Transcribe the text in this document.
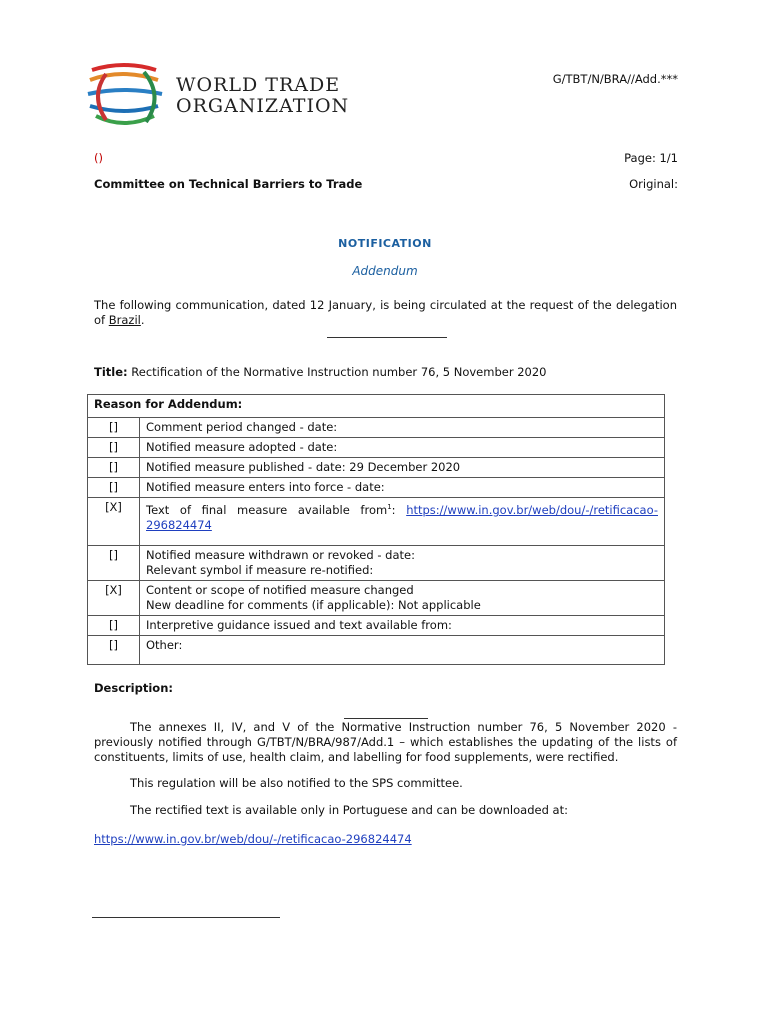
WORLD TRADE
ORGANIZATION
G/TBT/N/BRA//Add.***
()	Page: 1/1
Committee on Technical Barriers to Trade	Original:
NOTIFICATION
Addendum
The following communication, dated 12 January, is being circulated at the request of the delegation of Brazil.
Title: Rectification of the Normative Instruction number 76, 5 November 2020
Reason for Addendum:	
[]	Comment period changed - date:
[]	Notified measure adopted - date:
[]	Notified measure published - date: 29 December 2020
[]	Notified measure enters into force - date:
[X]	Text of final measure available from$^1$: https://www.in.gov.br/web/dou/-/retificacao-296824474
[]	Notified measure withdrawn or revoked - date:
Relevant symbol if measure re-notified:

[X]	Content or scope of notified measure changed
New deadline for comments (if applicable): Not applicable

[]	Interpretive guidance issued and text available from:
[]	Other:
Description:
The annexes II, IV, and V of the Normative Instruction number 76, 5 November 2020 - previously notified through G/TBT/N/BRA/987/Add.1 – which establishes the updating of the lists of constituents, limits of use, health claim, and labelling for food supplements, were rectified.
This regulation will be also notified to the SPS committee.
The rectified text is available only in Portuguese and can be downloaded at:
https://www.in.gov.br/web/dou/-/retificacao-296824474
